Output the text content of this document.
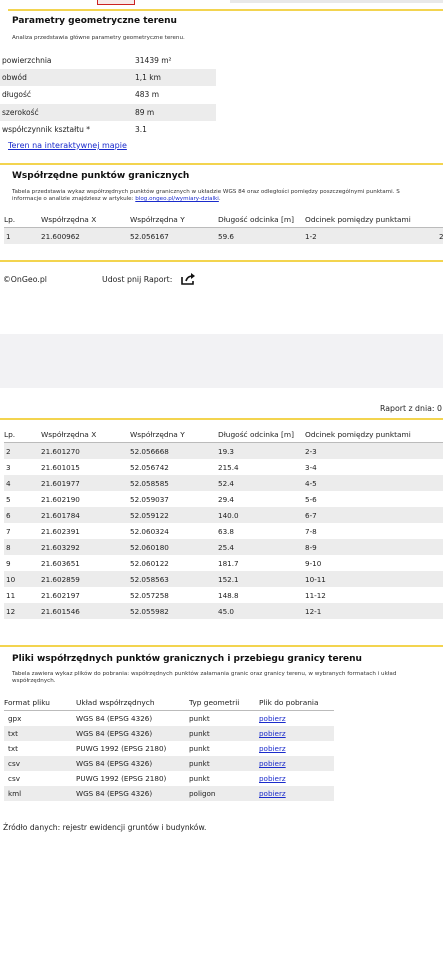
Parametry geometryczne terenu
Analiza przedstawia główne parametry geometryczne terenu.
powierzchnia	31439 m²
obwód	1,1 km
długość	483 m
szerokość	89 m
współczynnik kształtu *	3.1
Teren na interaktywnej mapie
Współrzędne punktów granicznych
Tabela przedstawia wykaz współrzędnych punktów granicznych w układzie WGS 84 oraz odległości pomiędzy poszczególnymi punktami. S
informacje o analizie znajdziesz w artykule: blog.ongeo.pl/wymiary-dzialki.
Lp.	Współrzędna X	Współrzędna Y	Długość odcinka [m]	Odcinek pomiędzy punktami
1	21.600962	52.056167	59.6	1-2	2
©OnGeo.pl	Udost pnij Raport:
Raport z dnia: 0
Lp.	Współrzędna X	Współrzędna Y	Długość odcinka [m]	Odcinek pomiędzy punktami
2	21.601270	52.056668	19.3	2-3
3	21.601015	52.056742	215.4	3-4
4	21.601977	52.058585	52.4	4-5
5	21.602190	52.059037	29.4	5-6
6	21.601784	52.059122	140.0	6-7
7	21.602391	52.060324	63.8	7-8
8	21.603292	52.060180	25.4	8-9
9	21.603651	52.060122	181.7	9-10
10	21.602859	52.058563	152.1	10-11
11	21.602197	52.057258	148.8	11-12
12	21.601546	52.055982	45.0	12-1
Pliki współrzędnych punktów granicznych i przebiegu granicy terenu
Tabela zawiera wykaz plików do pobrania: współrzędnych punktów załamania granic oraz granicy terenu, w wybranych formatach i układ
współrzędnych.
Format pliku	Układ współrzędnych	Typ geometrii	Plik do pobrania
gpx	WGS 84 (EPSG 4326)	punkt	pobierz
txt	WGS 84 (EPSG 4326)	punkt	pobierz
txt	PUWG 1992 (EPSG 2180)	punkt	pobierz
csv	WGS 84 (EPSG 4326)	punkt	pobierz
csv	PUWG 1992 (EPSG 2180)	punkt	pobierz
kml	WGS 84 (EPSG 4326)	poligon	pobierz
Źródło danych: rejestr ewidencji gruntów i budynków.
